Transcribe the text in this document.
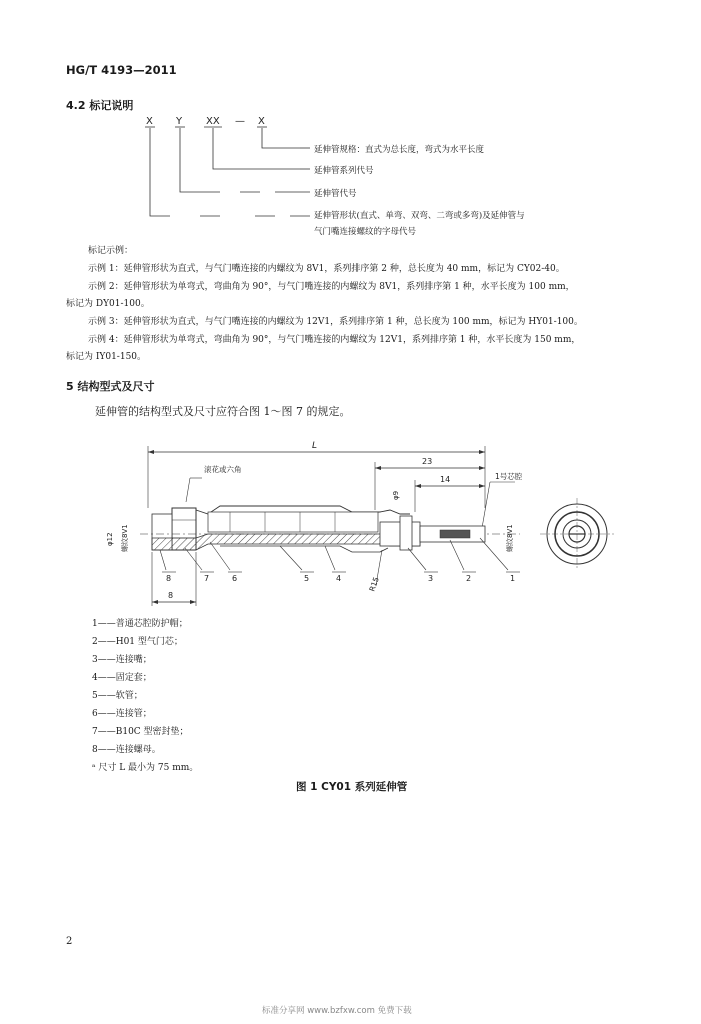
HG/T 4193—2011
4.2 标记说明
X Y XX — X
延伸管规格：直式为总长度，弯式为水平长度
延伸管系列代号
延伸管代号
延伸管形状(直式、单弯、双弯、二弯或多弯)及延伸管与
气门嘴连接螺纹的字母代号
标记示例：
示例 1：延伸管形状为直式，与气门嘴连接的内螺纹为 8V1，系列排序第 2 种，总长度为 40 mm，标记为 CY02-40。
示例 2：延伸管形状为单弯式，弯曲角为 90°，与气门嘴连接的内螺纹为 8V1，系列排序第 1 种，水平长度为 100 mm，
标记为 DY01-100。
示例 3：延伸管形状为直式，与气门嘴连接的内螺纹为 12V1，系列排序第 1 种，总长度为 100 mm，标记为 HY01-100。
示例 4：延伸管形状为单弯式，弯曲角为 90°，与气门嘴连接的内螺纹为 12V1，系列排序第 1 种，水平长度为 150 mm，
标记为 IY01-150。
5 结构型式及尺寸
延伸管的结构型式及尺寸应符合图 1～图 7 的规定。
L
23
14
φ9
滚花或六角
1号芯腔
螺纹8V1
φ12	螺纹8V1
R15
8	7	6	5	4	3	2	1
8
1——普通芯腔防护帽；
2——H01 型气门芯；
3——连接嘴；
4——固定套；
5——软管；
6——连接管；
7——B10C 型密封垫；
8——连接螺母。
ᵃ 尺寸 L 最小为 75 mm。
图 1 CY01 系列延伸管
2
标准分享网 www.bzfxw.com 免费下载
